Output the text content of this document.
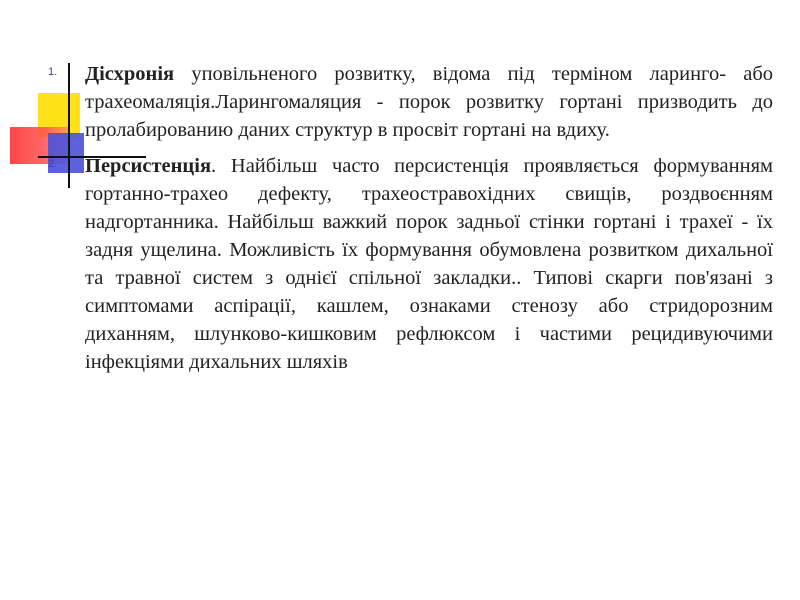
1. Дісхронія уповільненого розвитку, відома під терміном ларинго- або трахеомаляція.Ларингомаляция - порок розвитку гортані призводить до пролабированию даних структур в просвіт гортані на вдиху.
2. Персистенція. Найбільш часто персистенція проявляється формуванням гортанно-трахео дефекту, трахеостравохідних свищів, роздвоєнням надгортанника. Найбільш важкий порок задньої стінки гортані і трахеї - їх задня ущелина. Можливість їх формування обумовлена розвитком дихальної та травної систем з однієї спільної закладки.. Типові скарги пов'язані з симптомами аспірації, кашлем, ознаками стенозу або стридорозним диханням, шлунково-кишковим рефлюксом і частими рецидивуючими інфекціями дихальних шляхів
